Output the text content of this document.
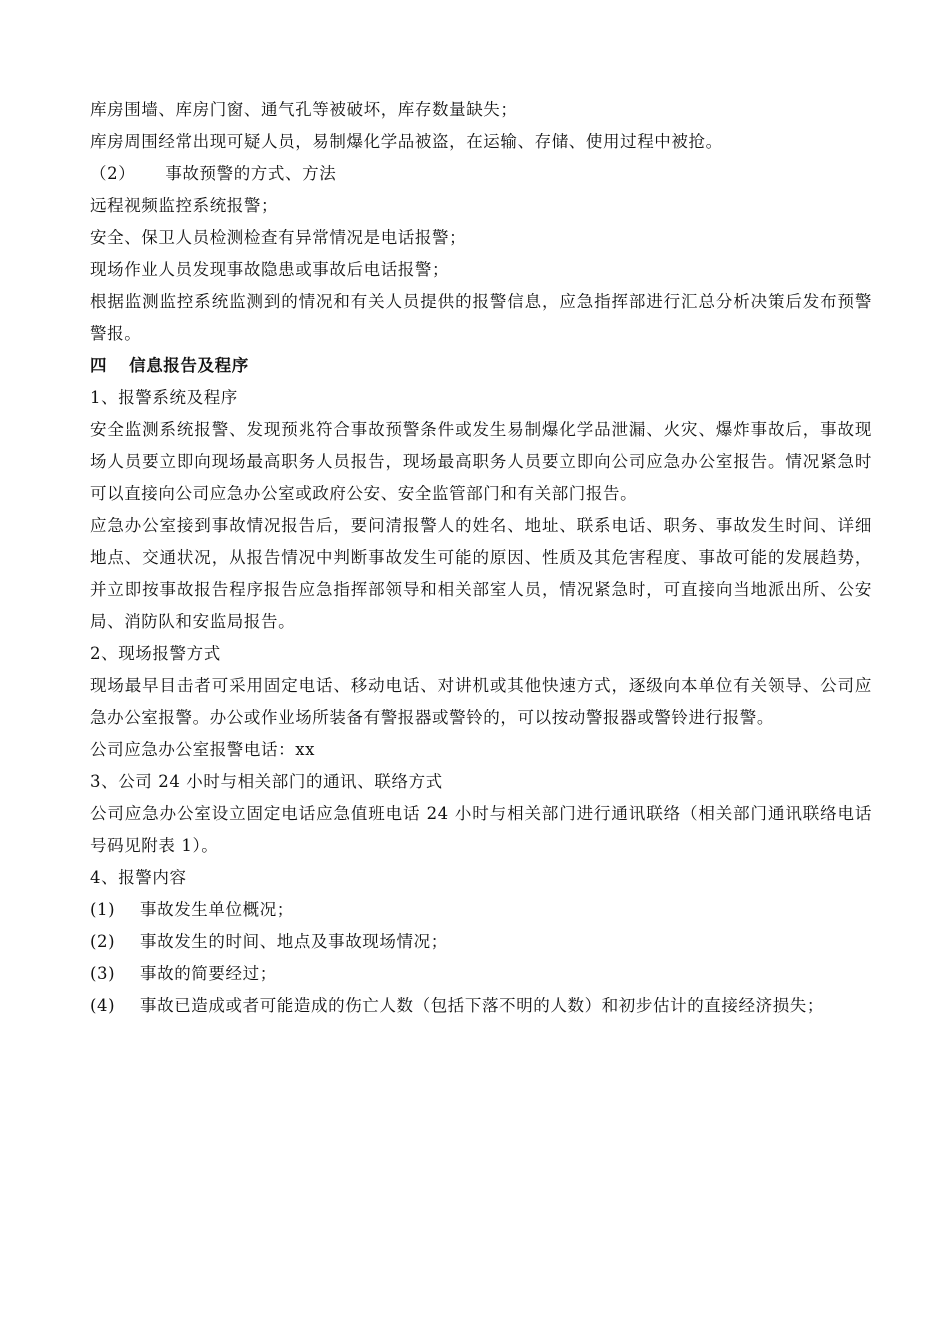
库房围墙、库房门窗、通气孔等被破坏，库存数量缺失；

库房周围经常出现可疑人员，易制爆化学品被盗，在运输、存储、使用过程中被抢。

（2） 事故预警的方式、方法

远程视频监控系统报警；

安全、保卫人员检测检查有异常情况是电话报警；

现场作业人员发现事故隐患或事故后电话报警；

根据监测监控系统监测到的情况和有关人员提供的报警信息，应急指挥部进行汇总分析决策后发布预警警报。

四 信息报告及程序

1、报警系统及程序

安全监测系统报警、发现预兆符合事故预警条件或发生易制爆化学品泄漏、火灾、爆炸事故后，事故现场人员要立即向现场最高职务人员报告，现场最高职务人员要立即向公司应急办公室报告。情况紧急时可以直接向公司应急办公室或政府公安、安全监管部门和有关部门报告。

应急办公室接到事故情况报告后，要问清报警人的姓名、地址、联系电话、职务、事故发生时间、详细地点、交通状况，从报告情况中判断事故发生可能的原因、性质及其危害程度、事故可能的发展趋势，并立即按事故报告程序报告应急指挥部领导和相关部室人员，情况紧急时，可直接向当地派出所、公安局、消防队和安监局报告。

2、现场报警方式

现场最早目击者可采用固定电话、移动电话、对讲机或其他快速方式，逐级向本单位有关领导、公司应急办公室报警。办公或作业场所装备有警报器或警铃的，可以按动警报器或警铃进行报警。

公司应急办公室报警电话：xx

3、公司 24 小时与相关部门的通讯、联络方式

公司应急办公室设立固定电话应急值班电话 24 小时与相关部门进行通讯联络（相关部门通讯联络电话号码见附表 1）。

4、报警内容

(1) 事故发生单位概况；

(2) 事故发生的时间、地点及事故现场情况；

(3) 事故的简要经过；

(4) 事故已造成或者可能造成的伤亡人数（包括下落不明的人数）和初步估计的直接经济损失；
